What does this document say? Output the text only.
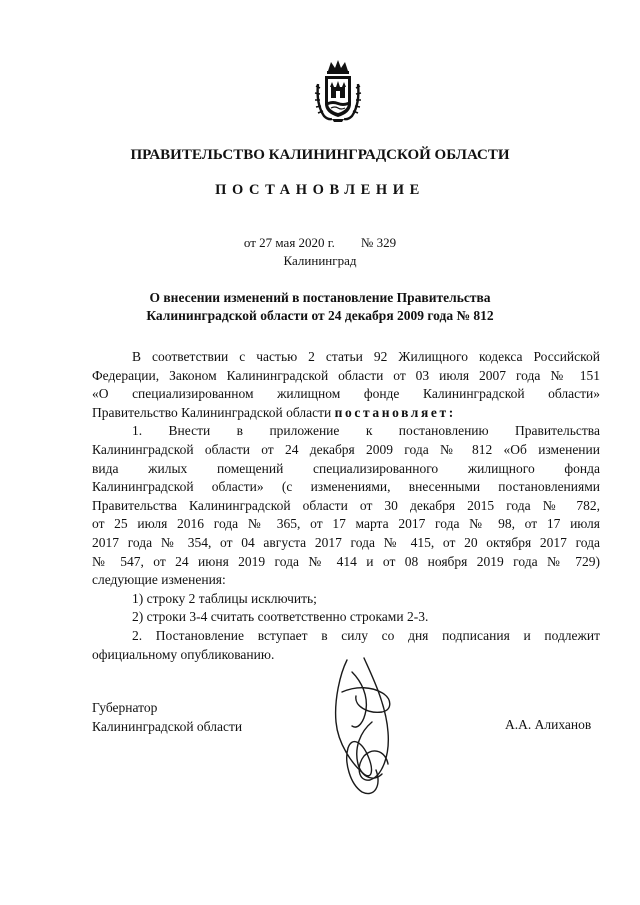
ПРАВИТЕЛЬСТВО КАЛИНИНГРАДСКОЙ ОБЛАСТИ
ПОСТАНОВЛЕНИЕ
от 27 мая 2020 г. № 329
Калининград
О внесении изменений в постановление Правительства
Калининградской области от 24 декабря 2009 года № 812
В соответствии с частью 2 статьи 92 Жилищного кодекса Российской
Федерации, Законом Калининградской области от 03 июля 2007 года № 151
«О специализированном жилищном фонде Калининградской области»
Правительство Калининградской области постановляет:
1. Внести в приложение к постановлению Правительства
Калининградской области от 24 декабря 2009 года № 812 «Об изменении
вида жилых помещений специализированного жилищного фонда
Калининградской области» (с изменениями, внесенными постановлениями
Правительства Калининградской области от 30 декабря 2015 года № 782,
от 25 июля 2016 года № 365, от 17 марта 2017 года № 98, от 17 июля
2017 года № 354, от 04 августа 2017 года № 415, от 20 октября 2017 года
№ 547, от 24 июня 2019 года № 414 и от 08 ноября 2019 года № 729)
следующие изменения:
1) строку 2 таблицы исключить;
2) строки 3-4 считать соответственно строками 2-3.
2. Постановление вступает в силу со дня подписания и подлежит
официальному опубликованию.
Губернатор
Калининградской области	А.А. Алиханов
